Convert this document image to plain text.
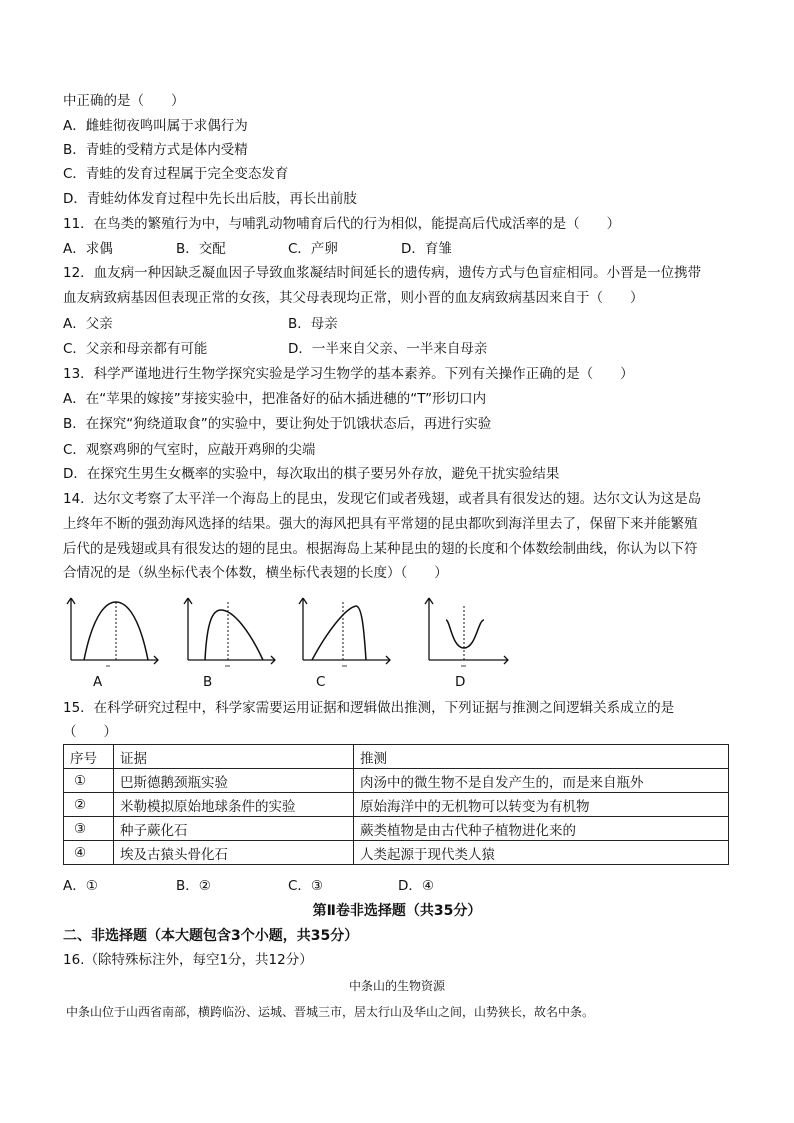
中正确的是（　　）
A．雌蛙彻夜鸣叫属于求偶行为
B．青蛙的受精方式是体内受精
C．青蛙的发育过程属于完全变态发育
D．青蛙幼体发育过程中先长出后肢，再长出前肢
11．在鸟类的繁殖行为中，与哺乳动物哺育后代的行为相似，能提高后代成活率的是（　　）
A．求偶	B．交配	C．产卵	D．育雏
12．血友病一种因缺乏凝血因子导致血浆凝结时间延长的遗传病，遗传方式与色盲症相同。小晋是一位携带
血友病致病基因但表现正常的女孩，其父母表现均正常，则小晋的血友病致病基因来自于（　　）
A．父亲	B．母亲
C．父亲和母亲都有可能	D．一半来自父亲、一半来自母亲
13．科学严谨地进行生物学探究实验是学习生物学的基本素养。下列有关操作正确的是（　　）
A．在“苹果的嫁接”芽接实验中，把准备好的砧木插进穗的“T”形切口内
B．在探究“狗绕道取食”的实验中，要让狗处于饥饿状态后，再进行实验
C．观察鸡卵的气室时，应敲开鸡卵的尖端
D．在探究生男生女概率的实验中，每次取出的棋子要另外存放，避免干扰实验结果
14．达尔文考察了太平洋一个海岛上的昆虫，发现它们或者残翅，或者具有很发达的翅。达尔文认为这是岛
上终年不断的强劲海风选择的结果。强大的海风把具有平常翅的昆虫都吹到海洋里去了，保留下来并能繁殖
后代的是残翅或具有很发达的翅的昆虫。根据海岛上某种昆虫的翅的长度和个体数绘制曲线，你认为以下符
合情况的是（纵坐标代表个体数，横坐标代表翅的长度）（　　）
A	B	C	D
15．在科学研究过程中，科学家需要运用证据和逻辑做出推测，下列证据与推测之间逻辑关系成立的是
（　　）
序号	证据	推测
①	巴斯德鹅颈瓶实验	肉汤中的微生物不是自发产生的，而是来自瓶外
②	米勒模拟原始地球条件的实验	原始海洋中的无机物可以转变为有机物
③	种子蕨化石	蕨类植物是由古代种子植物进化来的
④	埃及古猿头骨化石	人类起源于现代类人猿
A．①	B．②	C．③	D．④
第Ⅱ卷非选择题（共35分）
二、非选择题（本大题包含3个小题，共35分）
16.（除特殊标注外，每空1分，共12分）
中条山的生物资源
中条山位于山西省南部，横跨临汾、运城、晋城三市，居太行山及华山之间，山势狭长，故名中条。
